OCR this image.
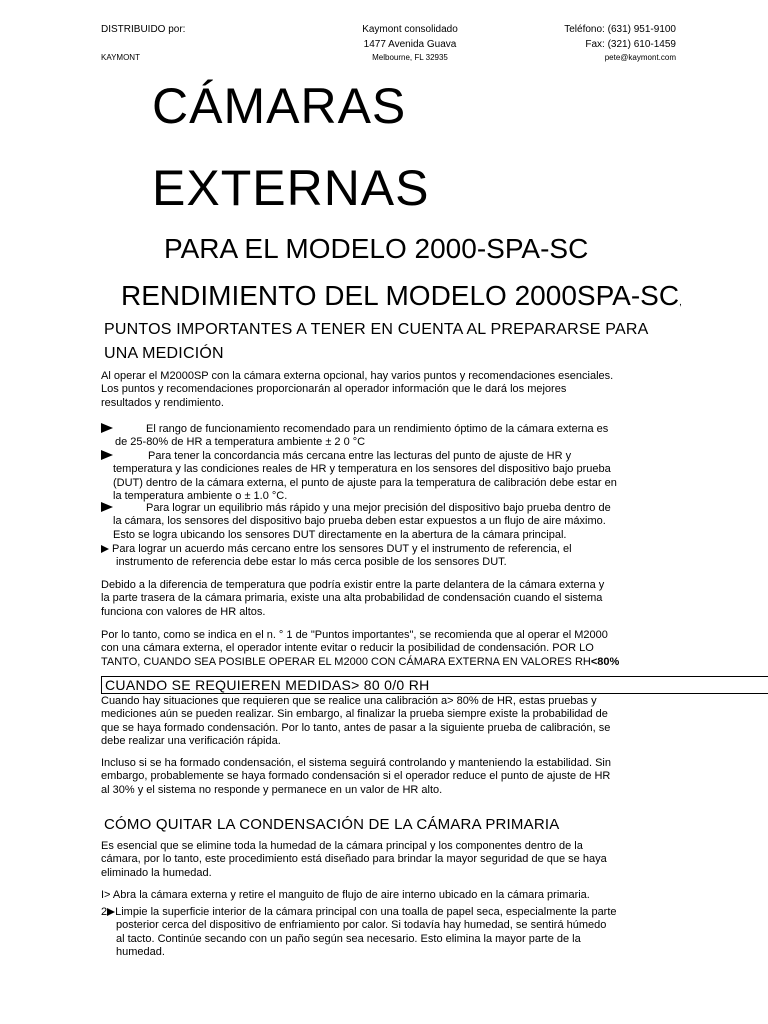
DISTRIBUIDO por:
KAYMONT
Kaymont consolidado
1477 Avenida Guava
Melbourne, FL 32935
Teléfono: (631) 951-9100
Fax: (321) 610-1459
pete@kaymont.com
CÁMARAS
EXTERNAS
PARA EL MODELO 2000-SPA-SC
RENDIMIENTO DEL MODELO 2000SPA-SC,
PUNTOS IMPORTANTES A TENER EN CUENTA AL PREPARARSE PARA
UNA MEDICIÓN
Al operar el M2000SP con la cámara externa opcional, hay varios puntos y recomendaciones esenciales.
Los puntos y recomendaciones proporcionarán al operador información que le dará los mejores
resultados y rendimiento.
El rango de funcionamiento recomendado para un rendimiento óptimo de la cámara externa es
de 25-80% de HR a temperatura ambiente ± 2 0 °C
Para tener la concordancia más cercana entre las lecturas del punto de ajuste de HR y
temperatura y las condiciones reales de HR y temperatura en los sensores del dispositivo bajo prueba
(DUT) dentro de la cámara externa, el punto de ajuste para la temperatura de calibración debe estar en
la temperatura ambiente o ± 1.0 °C.
Para lograr un equilibrio más rápido y una mejor precisión del dispositivo bajo prueba dentro de
la cámara, los sensores del dispositivo bajo prueba deben estar expuestos a un flujo de aire máximo.
Esto se logra ubicando los sensores DUT directamente en la abertura de la cámara principal.
Para lograr un acuerdo más cercano entre los sensores DUT y el instrumento de referencia, el
instrumento de referencia debe estar lo más cerca posible de los sensores DUT.
Debido a la diferencia de temperatura que podría existir entre la parte delantera de la cámara externa y
la parte trasera de la cámara primaria, existe una alta probabilidad de condensación cuando el sistema
funciona con valores de HR altos.
Por lo tanto, como se indica en el n. ° 1 de "Puntos importantes", se recomienda que al operar el M2000
con una cámara externa, el operador intente evitar o reducir la posibilidad de condensación. POR LO
TANTO, CUANDO SEA POSIBLE OPERAR EL M2000 CON CÁMARA EXTERNA EN VALORES RH<80%
CUANDO SE REQUIEREN MEDIDAS> 80 0/0 RH
Cuando hay situaciones que requieren que se realice una calibración a> 80% de HR, estas pruebas y
mediciones aún se pueden realizar. Sin embargo, al finalizar la prueba siempre existe la probabilidad de
que se haya formado condensación. Por lo tanto, antes de pasar a la siguiente prueba de calibración, se
debe realizar una verificación rápida.
Incluso si se ha formado condensación, el sistema seguirá controlando y manteniendo la estabilidad. Sin
embargo, probablemente se haya formado condensación si el operador reduce el punto de ajuste de HR
al 30% y el sistema no responde y permanece en un valor de HR alto.
CÓMO QUITAR LA CONDENSACIÓN DE LA CÁMARA PRIMARIA
Es esencial que se elimine toda la humedad de la cámara principal y los componentes dentro de la
cámara, por lo tanto, este procedimiento está diseñado para brindar la mayor seguridad de que se haya
eliminado la humedad.
I> Abra la cámara externa y retire el manguito de flujo de aire interno ubicado en la cámara primaria.
2 Limpie la superficie interior de la cámara principal con una toalla de papel seca, especialmente la parte
posterior cerca del dispositivo de enfriamiento por calor. Si todavía hay humedad, se sentirá húmedo
al tacto. Continúe secando con un paño según sea necesario. Esto elimina la mayor parte de la
humedad.
